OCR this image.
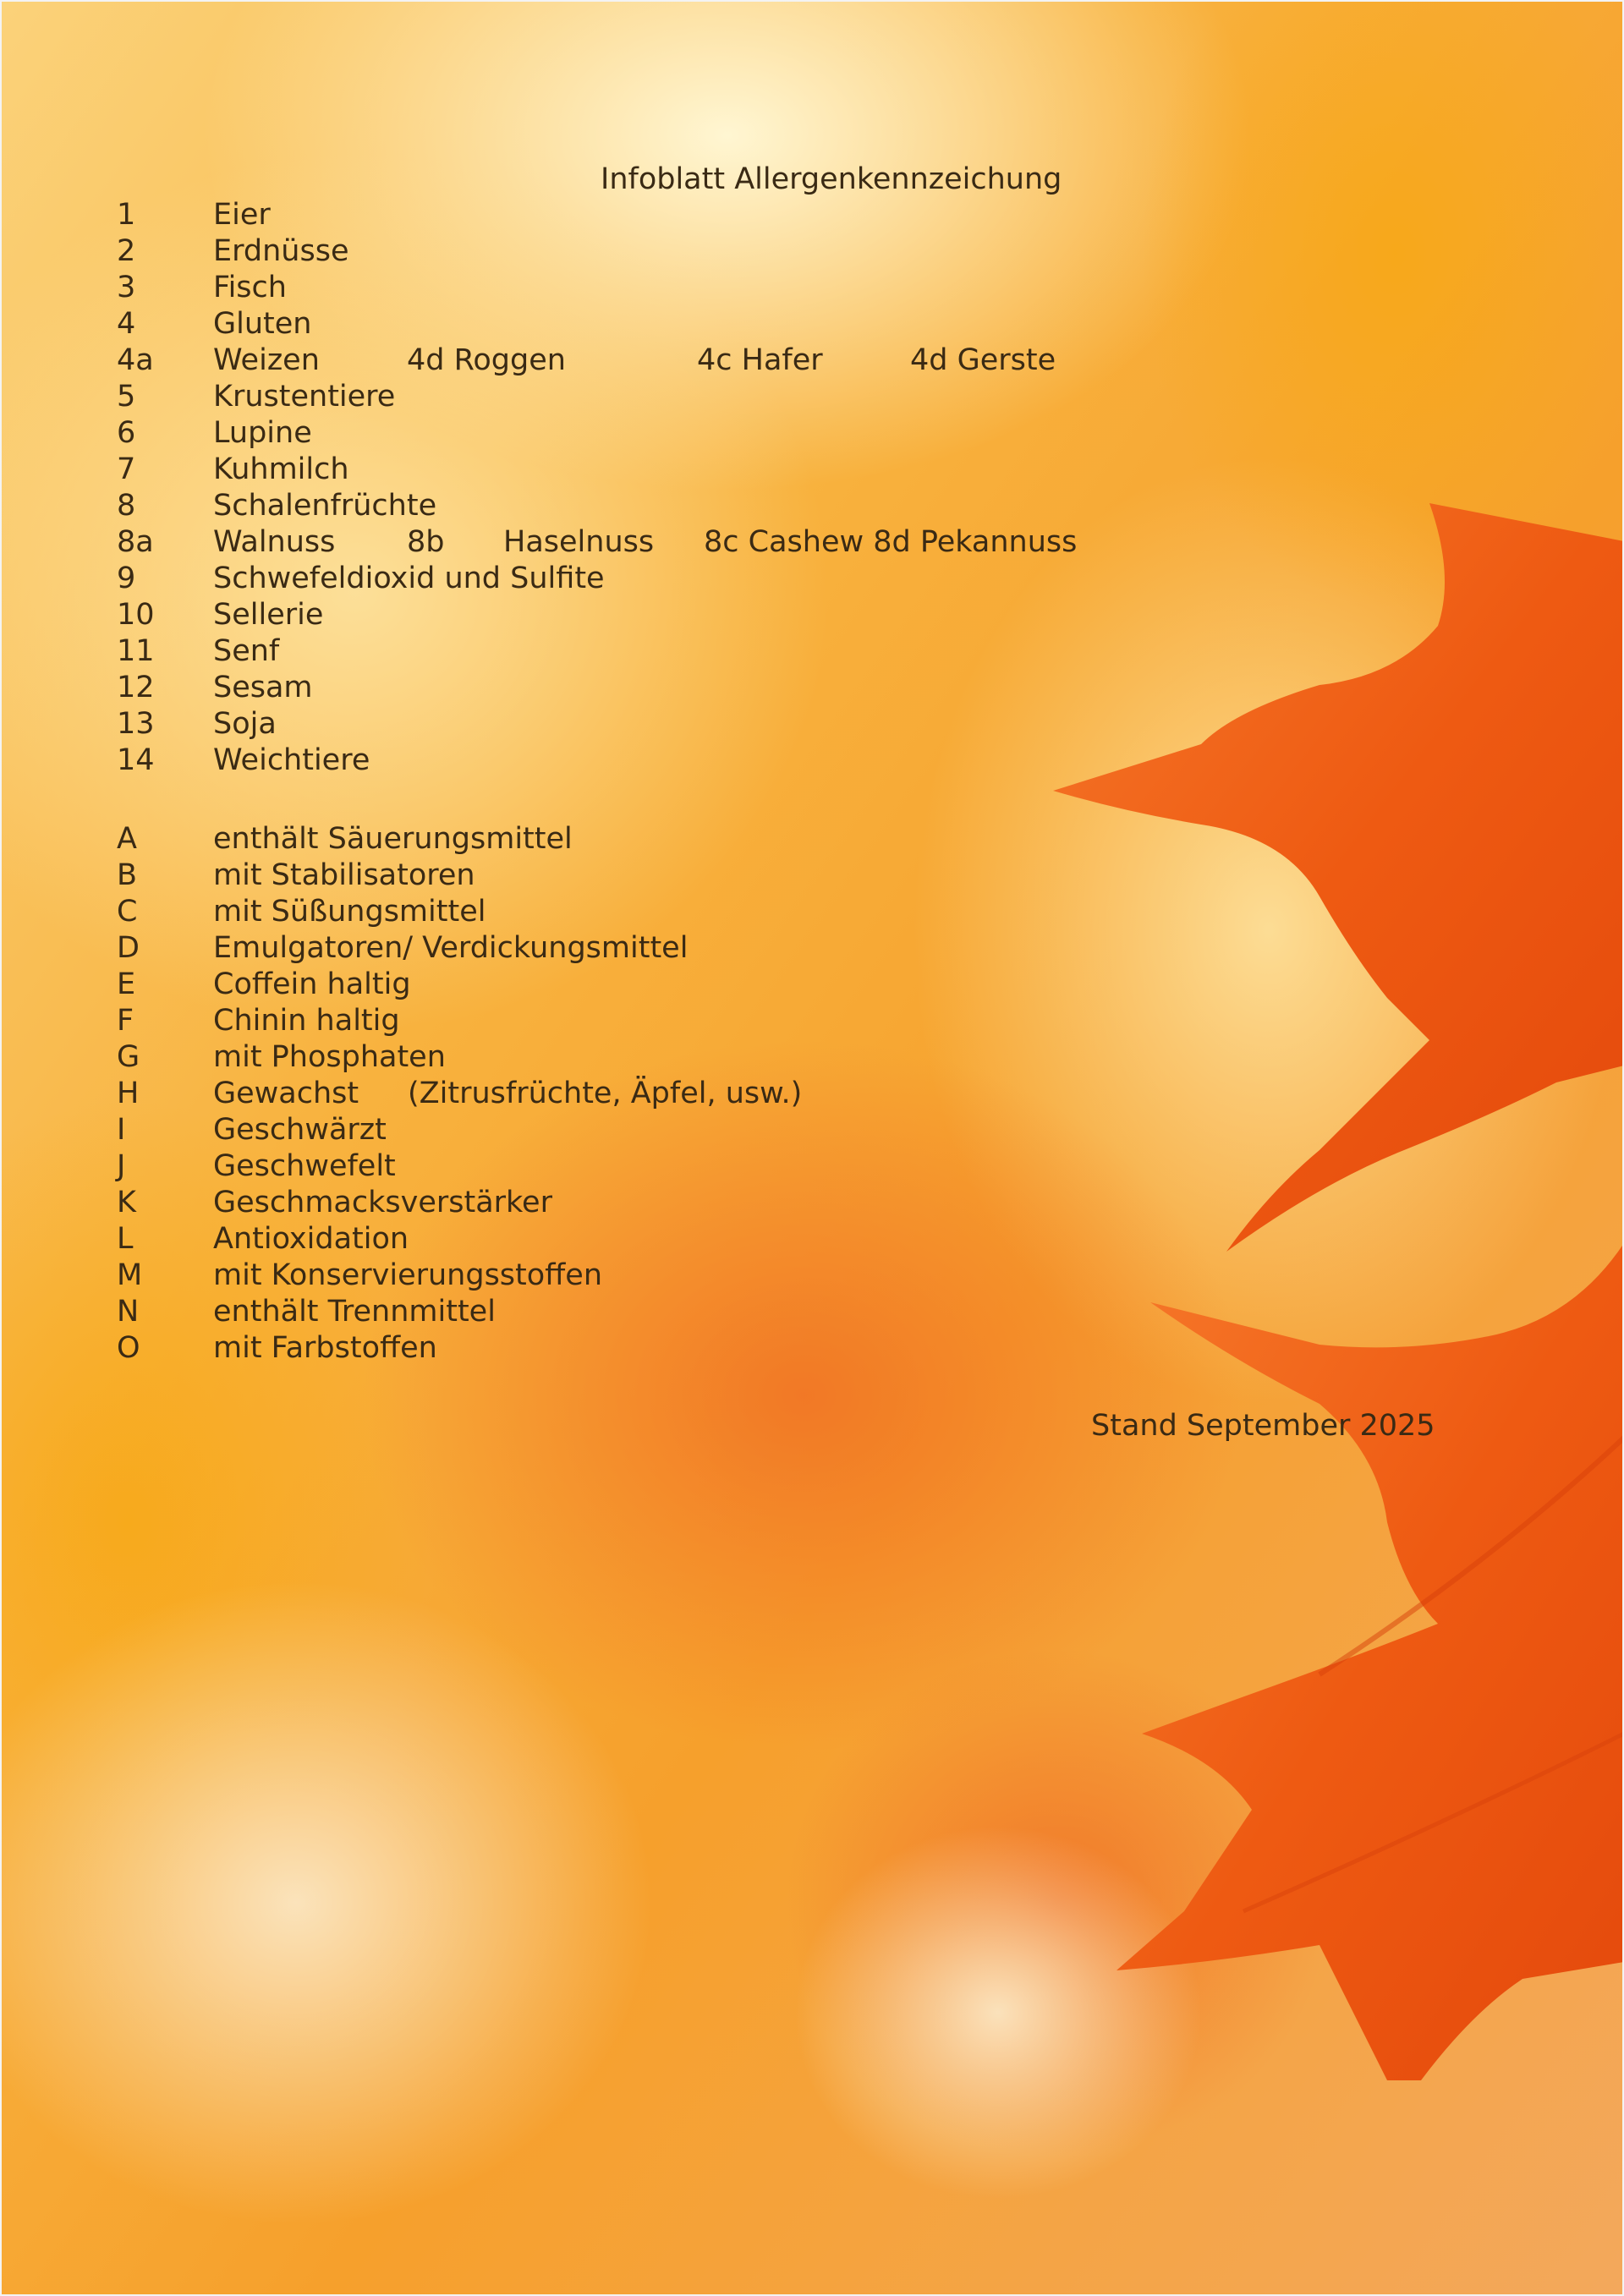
Infoblatt Allergenkennzeichung
1	Eier
2	Erdnüsse
3	Fisch
4	Gluten
4a Weizen	4d Roggen	4c Hafer	4d Gerste
5	Krustentiere
6	Lupine
7	Kuhmilch
8	Schalenfrüchte
8a Walnuss 8b Haselnuss 8c Cashew 8d Pekannuss
9	Schwefeldioxid und Sulfite
10 Sellerie
11 Senf
12 Sesam
13 Soja
14 Weichtiere
A	enthält Säuerungsmittel
B	mit Stabilisatoren
C	mit Süßungsmittel
D Emulgatoren/ Verdickungsmittel
E	Coffein haltig
F	Chinin haltig
G mit Phosphaten
H	Gewachst (Zitrusfrüchte, Äpfel, usw.)
I	Geschwärzt
J	Geschwefelt
K	Geschmacksverstärker
L	Antioxidation
M mit Konservierungsstoffen
N	enthält Trennmittel
O mit Farbstoffen
Stand September 2025
